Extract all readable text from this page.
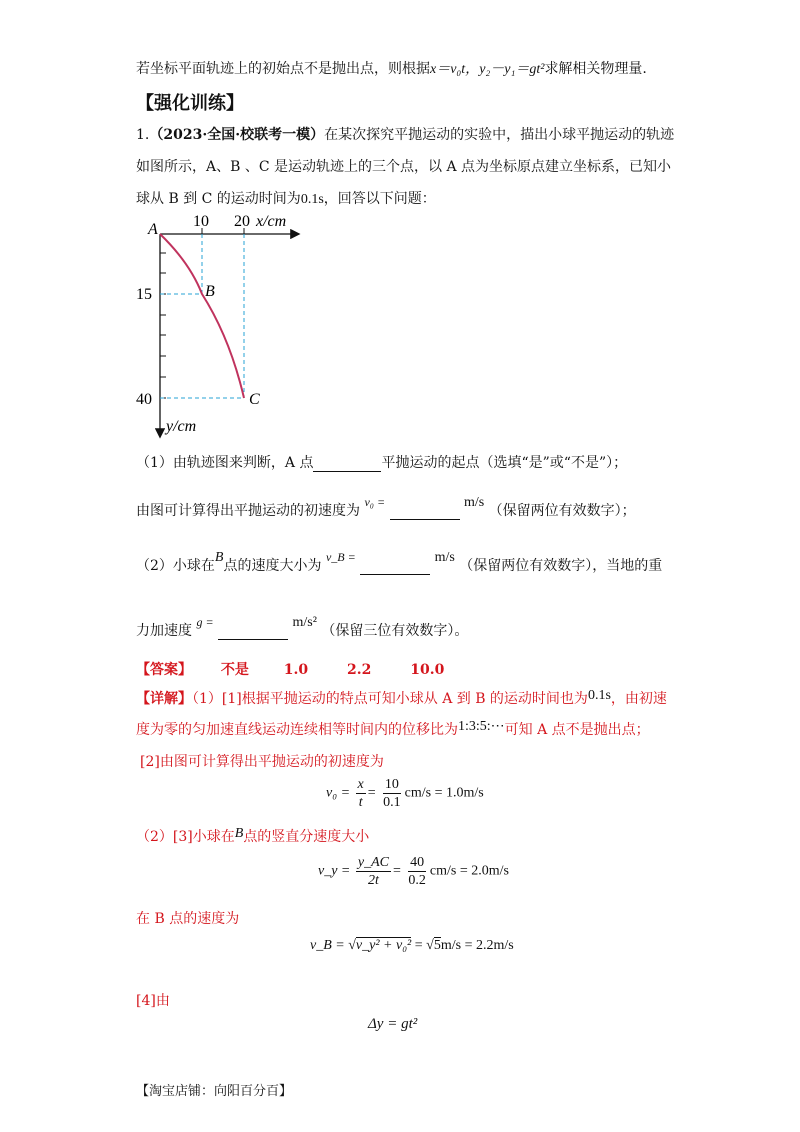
若坐标平面轨迹上的初始点不是抛出点，则根据x＝v₀t，y₂－y₁＝gt²求解相关物理量.
【强化训练】
1.（2023·全国·校联考一模）在某次探究平抛运动的实验中，描出小球平抛运动的轨迹
如图所示，A、B 、C 是运动轨迹上的三个点，以 A 点为坐标原点建立坐标系，已知小
球从 B 到 C 的运动时间为0.1s，回答以下问题：
A 10 20 x/cm
15
40
B
C
y/cm
（1）由轨迹图来判断，A 点	平抛运动的起点（选填“是”或“不是”）；
由图可计算得出平抛运动的初速度为 v₀ =	m/s （保留两位有效数字）；
（2）小球在B点的速度大小为 v_B =	m/s （保留两位有效数字），当地的重
力加速度 g =	m/s² （保留三位有效数字）。
【答案】 不是 1.0	2.2	10.0
【详解】（1）[1]根据平抛运动的特点可知小球从 A 到 B 的运动时间也为0.1s，由初速
度为零的匀加速直线运动连续相等时间内的位移比为1:3:5:⋯可知 A 点不是抛出点；
[2]由图可计算得出平抛运动的初速度为
$v_0 = \frac{x}{t} = \frac{10}{0.1} cm/s = 1.0m/s$
（2）[3]小球在B点的竖直分速度大小
v_y = $\frac{y\_AC}{2t} = \frac{40}{0.2} cm/s = 2.0m/s$
在 B 点的速度为
v_B = √v_y² + v₀² = √5m/s = 2.2m/s
[4]由
Δy = gt²
【淘宝店铺：向阳百分百】
